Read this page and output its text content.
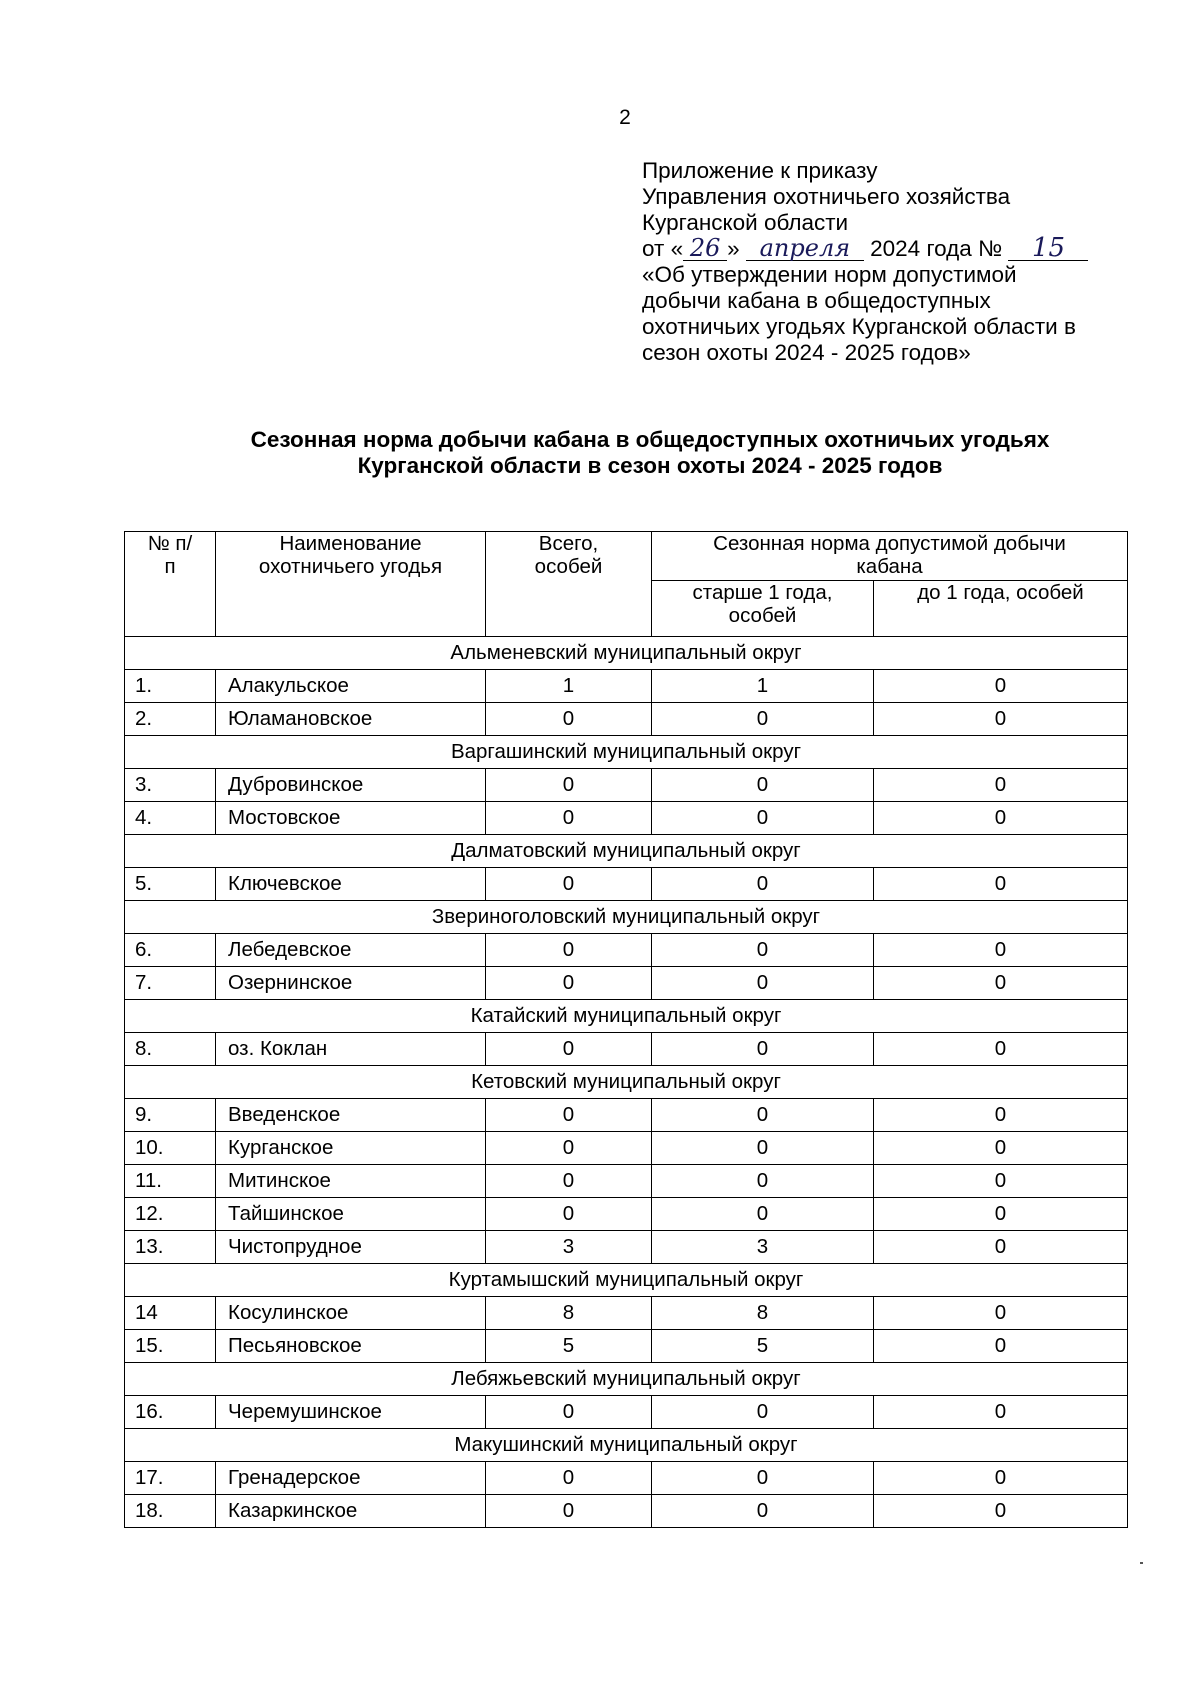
2
Приложение к приказу
Управления охотничьего хозяйства
Курганской области
от « 26 » апреля 2024 года № 15
«Об утверждении норм допустимой
добычи кабана в общедоступных
охотничьих угодьях Курганской области в
сезон охоты 2024 - 2025 годов»
Сезонная норма добычи кабана в общедоступных охотничьих угодьях
Курганской области в сезон охоты 2024 - 2025 годов
№ п/п	Наименование охотничьего угодья	Всего, особей	Сезонная норма допустимой добычи кабана	

			старше 1 года, особей	до 1 года, особей
Альменевский муниципальный округ				
1.	Алакульское	1	1	0
2.	Юламановское	0	0	0
Варгашинский муниципальный округ				
3.	Дубровинское	0	0	0
4.	Мостовское	0	0	0
Далматовский муниципальный округ				
5.	Ключевское	0	0	0
Звериноголовский муниципальный округ				
6.	Лебедевское	0	0	0
7.	Озернинское	0	0	0
Катайский муниципальный округ				
8.	оз. Коклан	0	0	0
Кетовский муниципальный округ				
9.	Введенское	0	0	0
10.	Курганское	0	0	0
11.	Митинское	0	0	0
12.	Тайшинское	0	0	0
13.	Чистопрудное	3	3	0
Куртамышский муниципальный округ				
14	Косулинское	8	8	0
15.	Песьяновское	5	5	0
Лебяжьевский муниципальный округ				
16.	Черемушинское	0	0	0
Макушинский муниципальный округ				
17.	Гренадерское	0	0	0
18.	Казаркинское	0	0	0
